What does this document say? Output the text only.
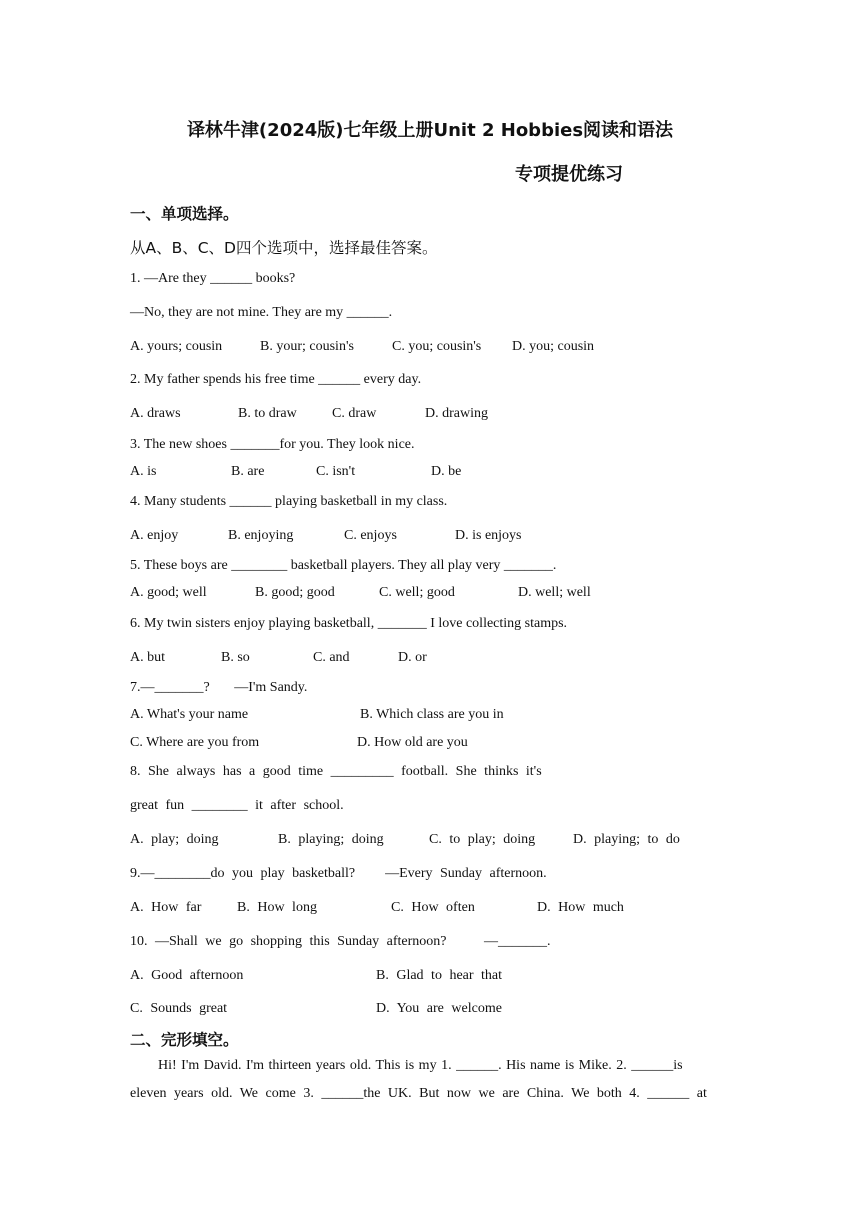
译林牛津(2024版)七年级上册Unit 2 Hobbies阅读和语法
专项提优练习
一、单项选择。
从A、B、C、D四个选项中，选择最佳答案。
1. —Are they ______ books?
—No, they are not mine. They are my ______.
A. yours; cousin	B. your; cousin's	C. you; cousin's D. you; cousin
2. My father spends his free time ______ every day.
A. draws	B. to draw	C. draw	D. drawing
3. The new shoes _______for you. They look nice.
A. is	B. are	C. isn't	D. be
4. Many students ______ playing basketball in my class.
A. enjoy	B. enjoying	C. enjoys	D. is enjoys
5. These boys are ________ basketball players. They all play very _______.
A. good; well	B. good; good	C. well; good	D. well; well
6. My twin sisters enjoy playing basketball, _______ I love collecting stamps.
A. but	B. so	C. and	D. or
7.—_______?       —I'm Sandy.
A. What's your name	B. Which class are you in
C. Where are you from	D. How old are you
8. She always has a good time _________ football. She thinks it's
great fun ________ it after school.
A. play; doing	B. playing; doing	C. to play; doing	D. playing; to do
9.—________do you play basketball?    —Every Sunday afternoon.
A. How far	B. How long	C. How often	D. How much
10. —Shall we go shopping this Sunday afternoon?     —_______.
A. Good afternoon	B. Glad to hear that
C. Sounds great	D. You are welcome
二、完形填空。
Hi! I'm David. I'm thirteen years old. This is my 1. ______. His name is Mike. 2. ______is
eleven years old. We come 3. ______the UK. But now we are China. We both 4. ______ at
